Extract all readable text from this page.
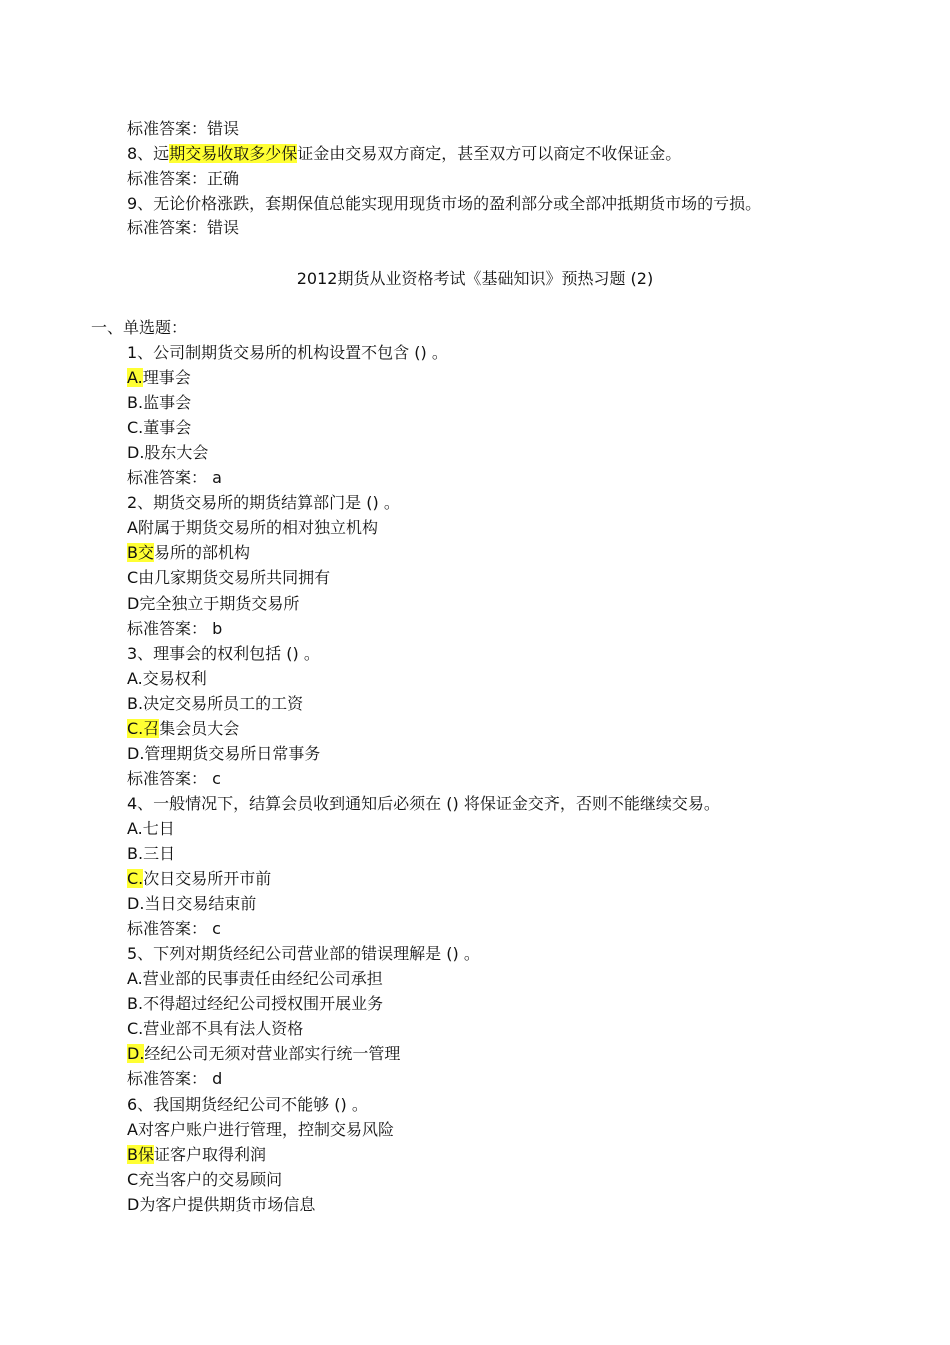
标准答案：错误
8、远期交易收取多少保证金由交易双方商定，甚至双方可以商定不收保证金。
标准答案：正确
9、无论价格涨跌，套期保值总能实现用现货市场的盈利部分或全部冲抵期货市场的亏损。
标准答案：错误
2012期货从业资格考试《基础知识》预热习题 (2)
一、单选题：
1、公司制期货交易所的机构设置不包含 () 。
A.理事会
B.监事会
C.董事会
D.股东大会
标准答案： a
2、期货交易所的期货结算部门是 () 。
A附属于期货交易所的相对独立机构
B交易所的部机构
C由几家期货交易所共同拥有
D完全独立于期货交易所
标准答案： b
3、理事会的权利包括 () 。
A.交易权利
B.决定交易所员工的工资
C.召集会员大会
D.管理期货交易所日常事务
标准答案： c
4、一般情况下，结算会员收到通知后必须在 () 将保证金交齐，否则不能继续交易。
A.七日
B.三日
C.次日交易所开市前
D.当日交易结束前
标准答案： c
5、下列对期货经纪公司营业部的错误理解是 () 。
A.营业部的民事责任由经纪公司承担
B.不得超过经纪公司授权围开展业务
C.营业部不具有法人资格
D.经纪公司无须对营业部实行统一管理
标准答案： d
6、我国期货经纪公司不能够 () 。
A对客户账户进行管理，控制交易风险
B保证客户取得利润
C充当客户的交易顾问
D为客户提供期货市场信息
